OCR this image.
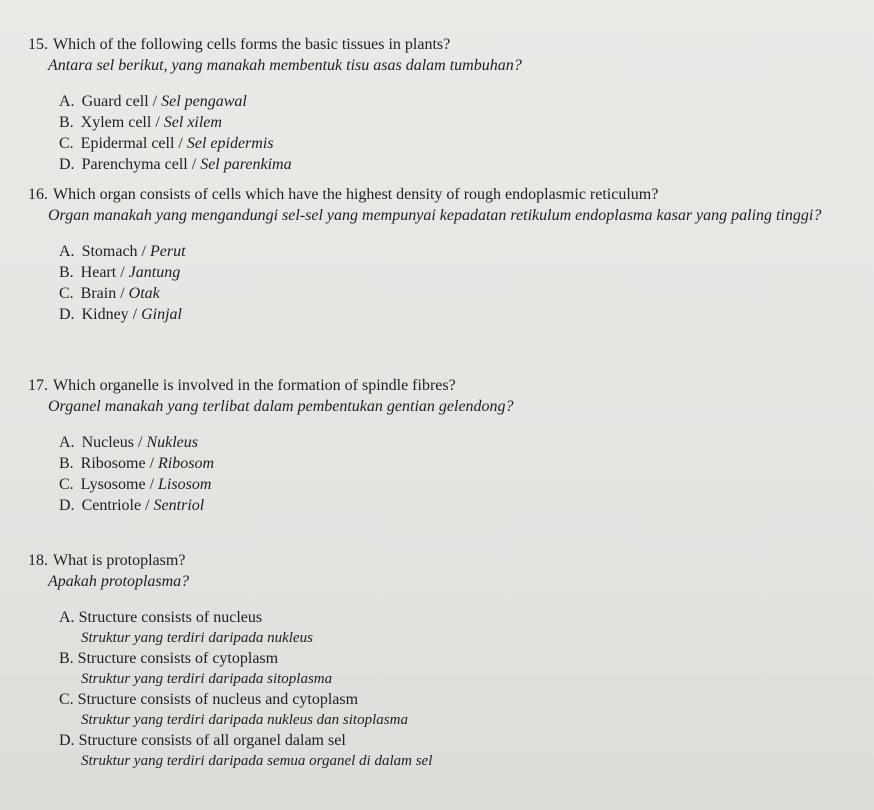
15. Which of the following cells forms the basic tissues in plants?
Antara sel berikut, yang manakah membentuk tisu asas dalam tumbuhan?
A. Guard cell / Sel pengawal
B. Xylem cell / Sel xilem
C. Epidermal cell / Sel epidermis
D. Parenchyma cell / Sel parenkima
16. Which organ consists of cells which have the highest density of rough endoplasmic reticulum?
Organ manakah yang mengandungi sel-sel yang mempunyai kepadatan retikulum endoplasma kasar yang paling tinggi?
A. Stomach / Perut
B. Heart / Jantung
C. Brain / Otak
D. Kidney / Ginjal
17. Which organelle is involved in the formation of spindle fibres?
Organel manakah yang terlibat dalam pembentukan gentian gelendong?
A. Nucleus / Nukleus
B. Ribosome / Ribosom
C. Lysosome / Lisosom
D. Centriole / Sentriol
18. What is protoplasm?
Apakah protoplasma?
A. Structure consists of nucleus
Struktur yang terdiri daripada nukleus
B. Structure consists of cytoplasm
Struktur yang terdiri daripada sitoplasma
C. Structure consists of nucleus and cytoplasm
Struktur yang terdiri daripada nukleus dan sitoplasma
D. Structure consists of all organel dalam sel
Struktur yang terdiri daripada semua organel di dalam sel
